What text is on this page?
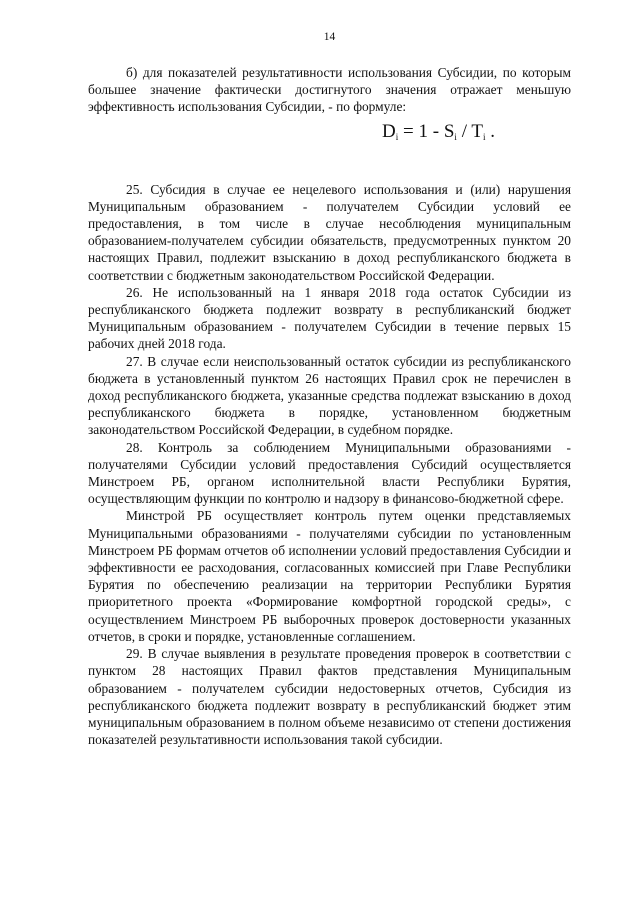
14

б) для показателей результативности использования Субсидии, по которым большее значение фактически достигнутого значения отражает меньшую эффективность использования Субсидии, - по формуле:

$D_i = 1 - S_i / T_i$ .

25. Субсидия в случае ее нецелевого использования и (или) нарушения Муниципальным образованием - получателем Субсидии условий ее предоставления, в том числе в случае несоблюдения муниципальным образованием-получателем субсидии обязательств, предусмотренных пунктом 20 настоящих Правил, подлежит взысканию в доход республиканского бюджета в соответствии с бюджетным законодательством Российской Федерации.

26. Не использованный на 1 января 2018 года остаток Субсидии из республиканского бюджета подлежит возврату в республиканский бюджет Муниципальным образованием - получателем Субсидии в течение первых 15 рабочих дней 2018 года.

27. В случае если неиспользованный остаток субсидии из республиканского бюджета в установленный пунктом 26 настоящих Правил срок не перечислен в доход республиканского бюджета, указанные средства подлежат взысканию в доход республиканского бюджета в порядке, установленном бюджетным законодательством Российской Федерации, в судебном порядке.

28. Контроль за соблюдением Муниципальными образованиями - получателями Субсидии условий предоставления Субсидий осуществляется Минстроем РБ, органом исполнительной власти Республики Бурятия, осуществляющим функции по контролю и надзору в финансово-бюджетной сфере.

Минстрой РБ осуществляет контроль путем оценки представляемых Муниципальными образованиями - получателями субсидии по установленным Минстроем РБ формам отчетов об исполнении условий предоставления Субсидии и эффективности ее расходования, согласованных комиссией при Главе Республики Бурятия по обеспечению реализации на территории Республики Бурятия приоритетного проекта «Формирование комфортной городской среды», с осуществлением Минстроем РБ выборочных проверок достоверности указанных отчетов, в сроки и порядке, установленные соглашением.

29. В случае выявления в результате проведения проверок в соответствии с пунктом 28 настоящих Правил фактов представления Муниципальным образованием - получателем субсидии недостоверных отчетов, Субсидия из республиканского бюджета подлежит возврату в республиканский бюджет этим муниципальным образованием в полном объеме независимо от степени достижения показателей результативности использования такой субсидии.
